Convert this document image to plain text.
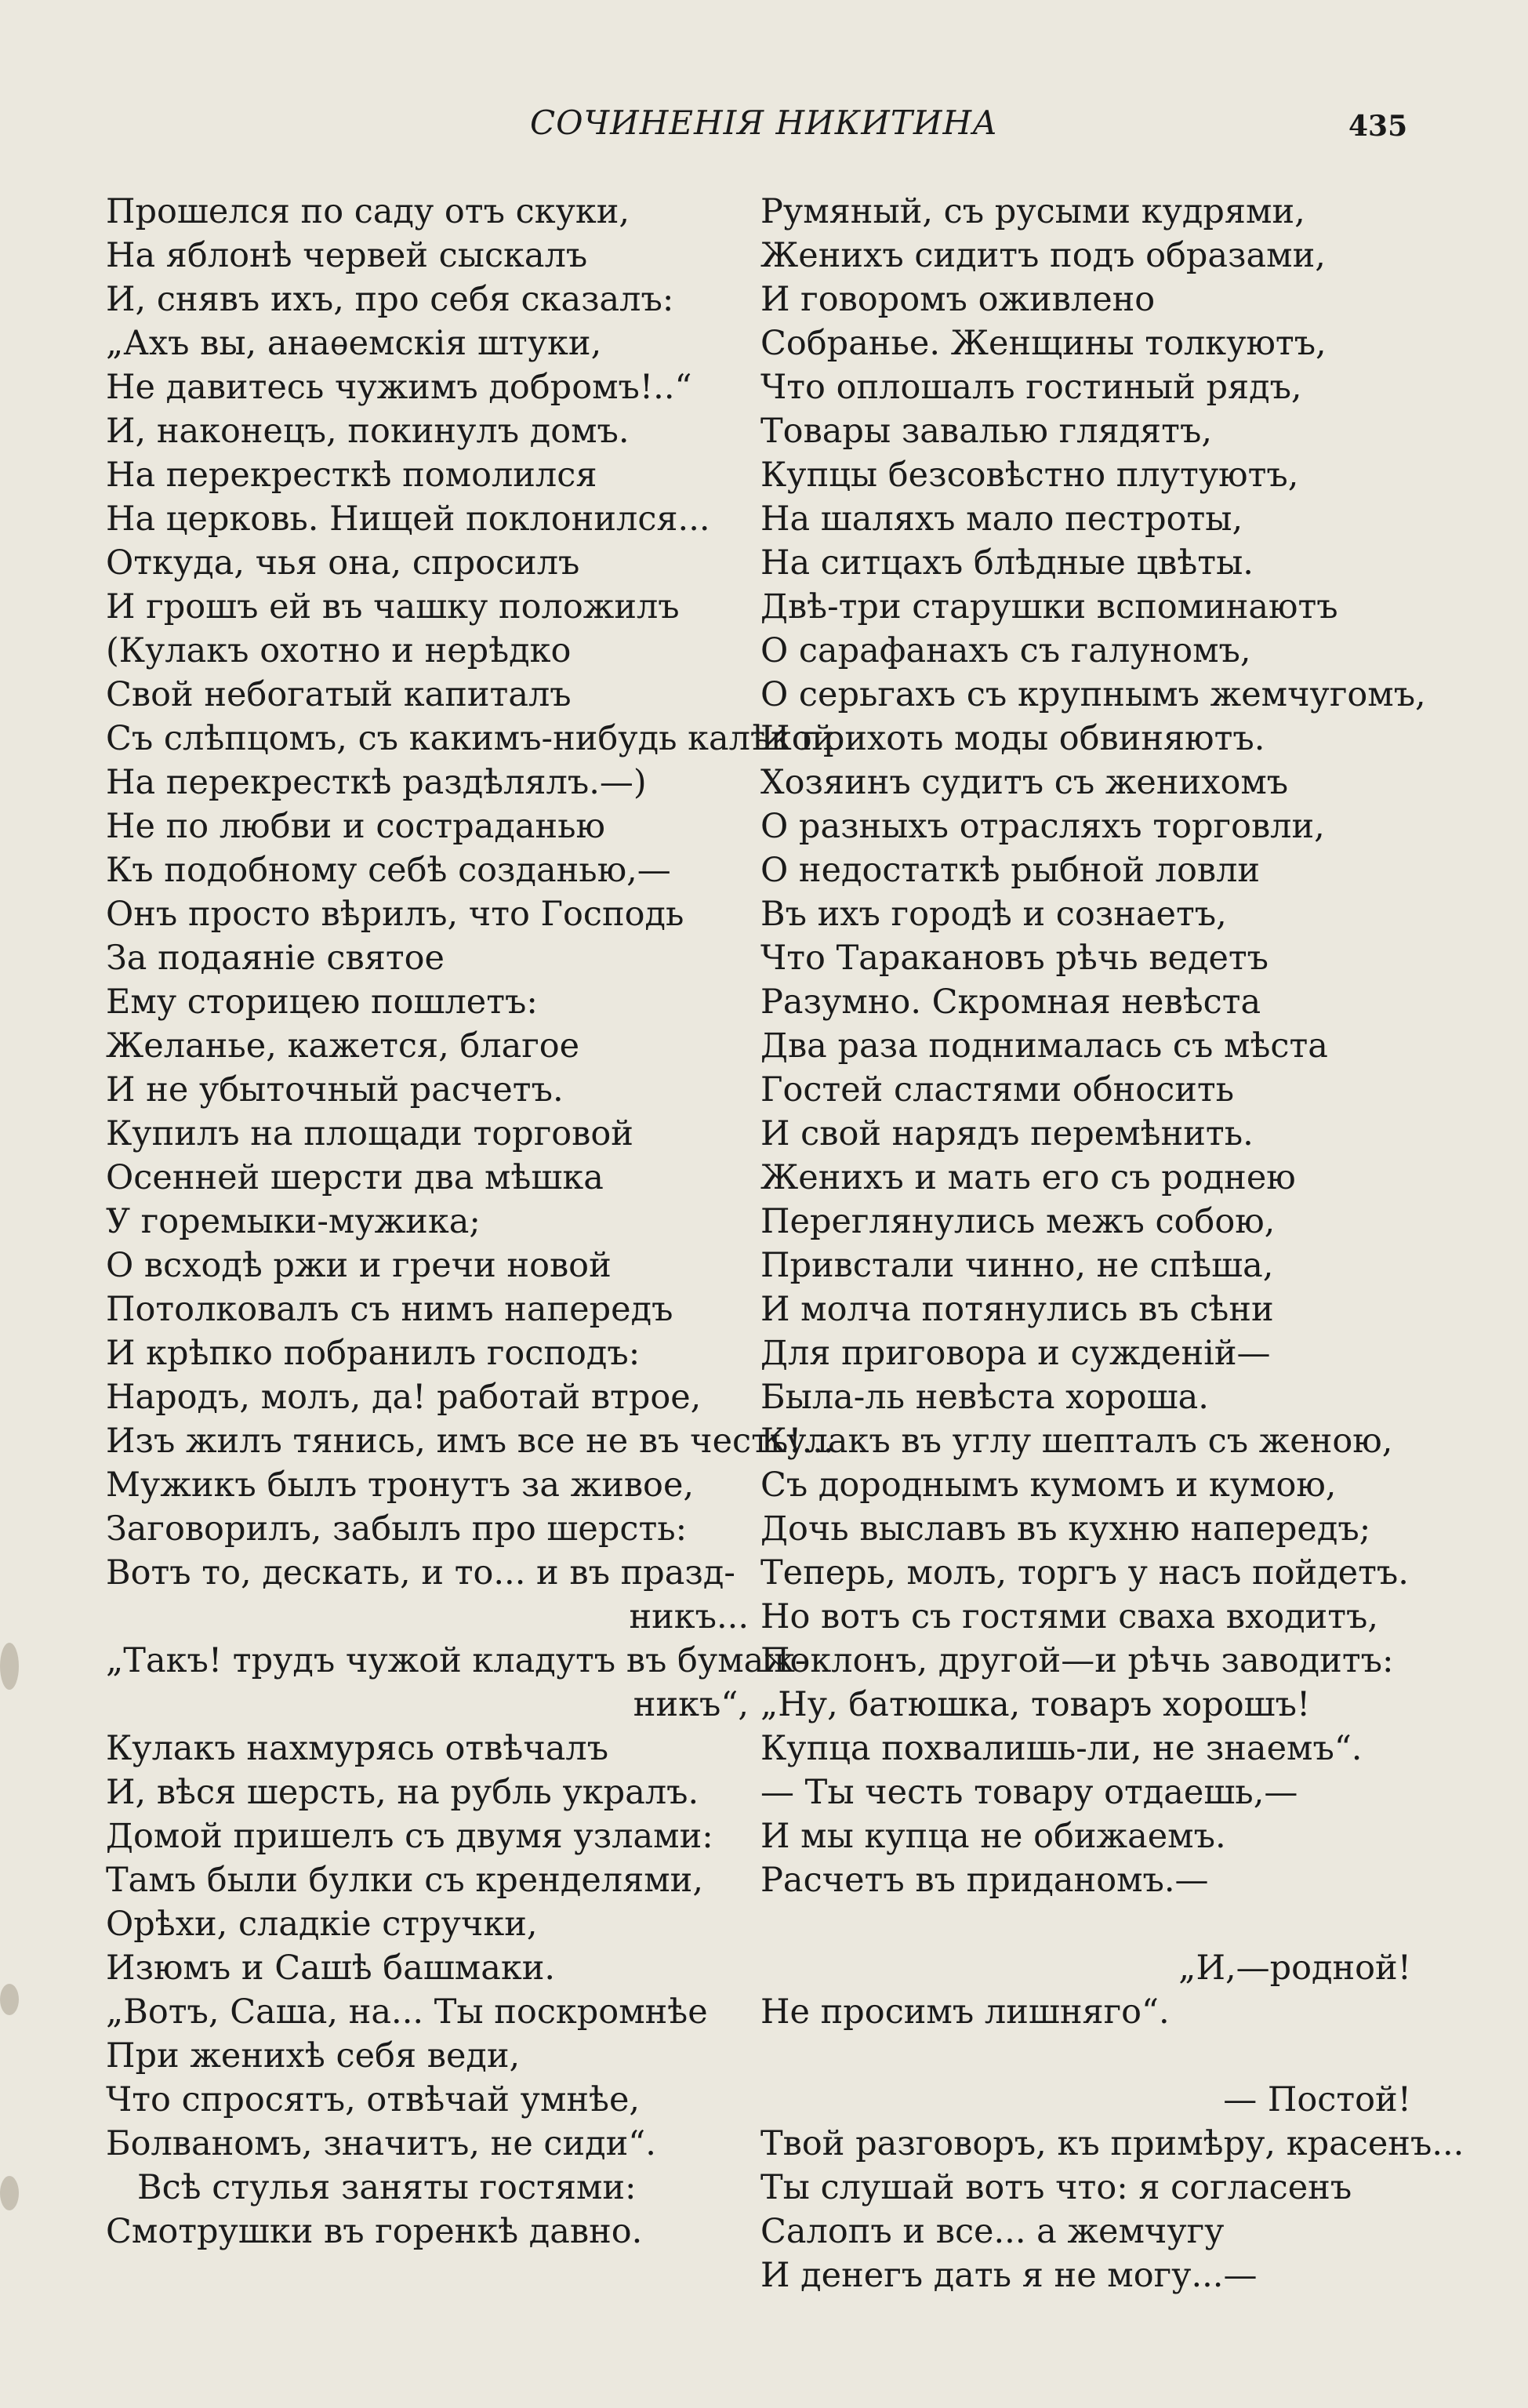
СОЧИНЕНІЯ НИКИТИНА	435
Прошелся по саду отъ скуки,
На яблонѣ червей сыскалъ
И, снявъ ихъ, про себя сказалъ:
„Ахъ вы, анаѳемскія штуки,
Не давитесь чужимъ добромъ!..“
И, наконецъ, покинулъ домъ.
На перекресткѣ помолился
На церковь. Нищей поклонился...
Откуда, чья она, спросилъ
И грошъ ей въ чашку положилъ
(Кулакъ охотно и нерѣдко
Свой небогатый капиталъ
Съ слѣпцомъ, съ какимъ-нибудь калѣкой
На перекресткѣ раздѣлялъ.—)
Не по любви и состраданью
Къ подобному себѣ созданью,—
Онъ просто вѣрилъ, что Господь
За подаяніе святое
Ему сторицею пошлетъ:
Желанье, кажется, благое
И не убыточный расчетъ.
Купилъ на площади торговой
Осенней шерсти два мѣшка
У горемыки-мужика;
О всходѣ ржи и гречи новой
Потолковалъ съ нимъ напередъ
И крѣпко побранилъ господъ:
Народъ, молъ, да! работай втрое,
Изъ жилъ тянись, имъ все не въ честь!...
Мужикъ былъ тронутъ за живое,
Заговорилъ, забылъ про шерсть:
Вотъ то, дескать, и то... и въ празд-
никъ...
„Такъ! трудъ чужой кладутъ въ бумаж-
никъ“,
Кулакъ нахмурясь отвѣчалъ
И, вѣся шерсть, на рубль укралъ.
Домой пришелъ съ двумя узлами:
Тамъ были булки съ кренделями,
Орѣхи, сладкіе стручки,
Изюмъ и Сашѣ башмаки.
„Вотъ, Саша, на... Ты поскромнѣе
При женихѣ себя веди,
Что спросятъ, отвѣчай умнѣе,
Болваномъ, значитъ, не сиди“.
Всѣ стулья заняты гостями:
Смотрушки въ горенкѣ давно.
Румяный, съ русыми кудрями,
Женихъ сидитъ подъ образами,
И говоромъ оживлено
Собранье. Женщины толкуютъ,
Что оплошалъ гостиный рядъ,
Товары завалью глядятъ,
Купцы безсовѣстно плутуютъ,
На шаляхъ мало пестроты,
На ситцахъ блѣдные цвѣты.
Двѣ-три старушки вспоминаютъ
О сарафанахъ съ галуномъ,
О серьгахъ съ крупнымъ жемчугомъ,
И прихоть моды обвиняютъ.
Хозяинъ судитъ съ женихомъ
О разныхъ отрасляхъ торговли,
О недостаткѣ рыбной ловли
Въ ихъ городѣ и сознаетъ,
Что Таракановъ рѣчь ведетъ
Разумно. Скромная невѣста
Два раза поднималась съ мѣста
Гостей сластями обносить
И свой нарядъ перемѣнить.
Женихъ и мать его съ роднею
Переглянулись межъ собою,
Привстали чинно, не спѣша,
И молча потянулись въ сѣни
Для приговора и сужденій—
Была-ль невѣста хороша.
Кулакъ въ углу шепталъ съ женою,
Съ дороднымъ кумомъ и кумою,
Дочь выславъ въ кухню напередъ;
Теперь, молъ, торгъ у насъ пойдетъ.
Но вотъ съ гостями сваха входитъ,
Поклонъ, другой—и рѣчь заводитъ:
„Ну, батюшка, товаръ хорошъ!
Купца похвалишь-ли, не знаемъ“.
— Ты честь товару отдаешь,—
И мы купца не обижаемъ.
Расчетъ въ приданомъ.—
„И,—родной!
Не просимъ лишняго“.
— Постой!
Твой разговоръ, къ примѣру, красенъ...
Ты слушай вотъ что: я согласенъ
Салопъ и все... а жемчугу
И денегъ дать я не могу...—
